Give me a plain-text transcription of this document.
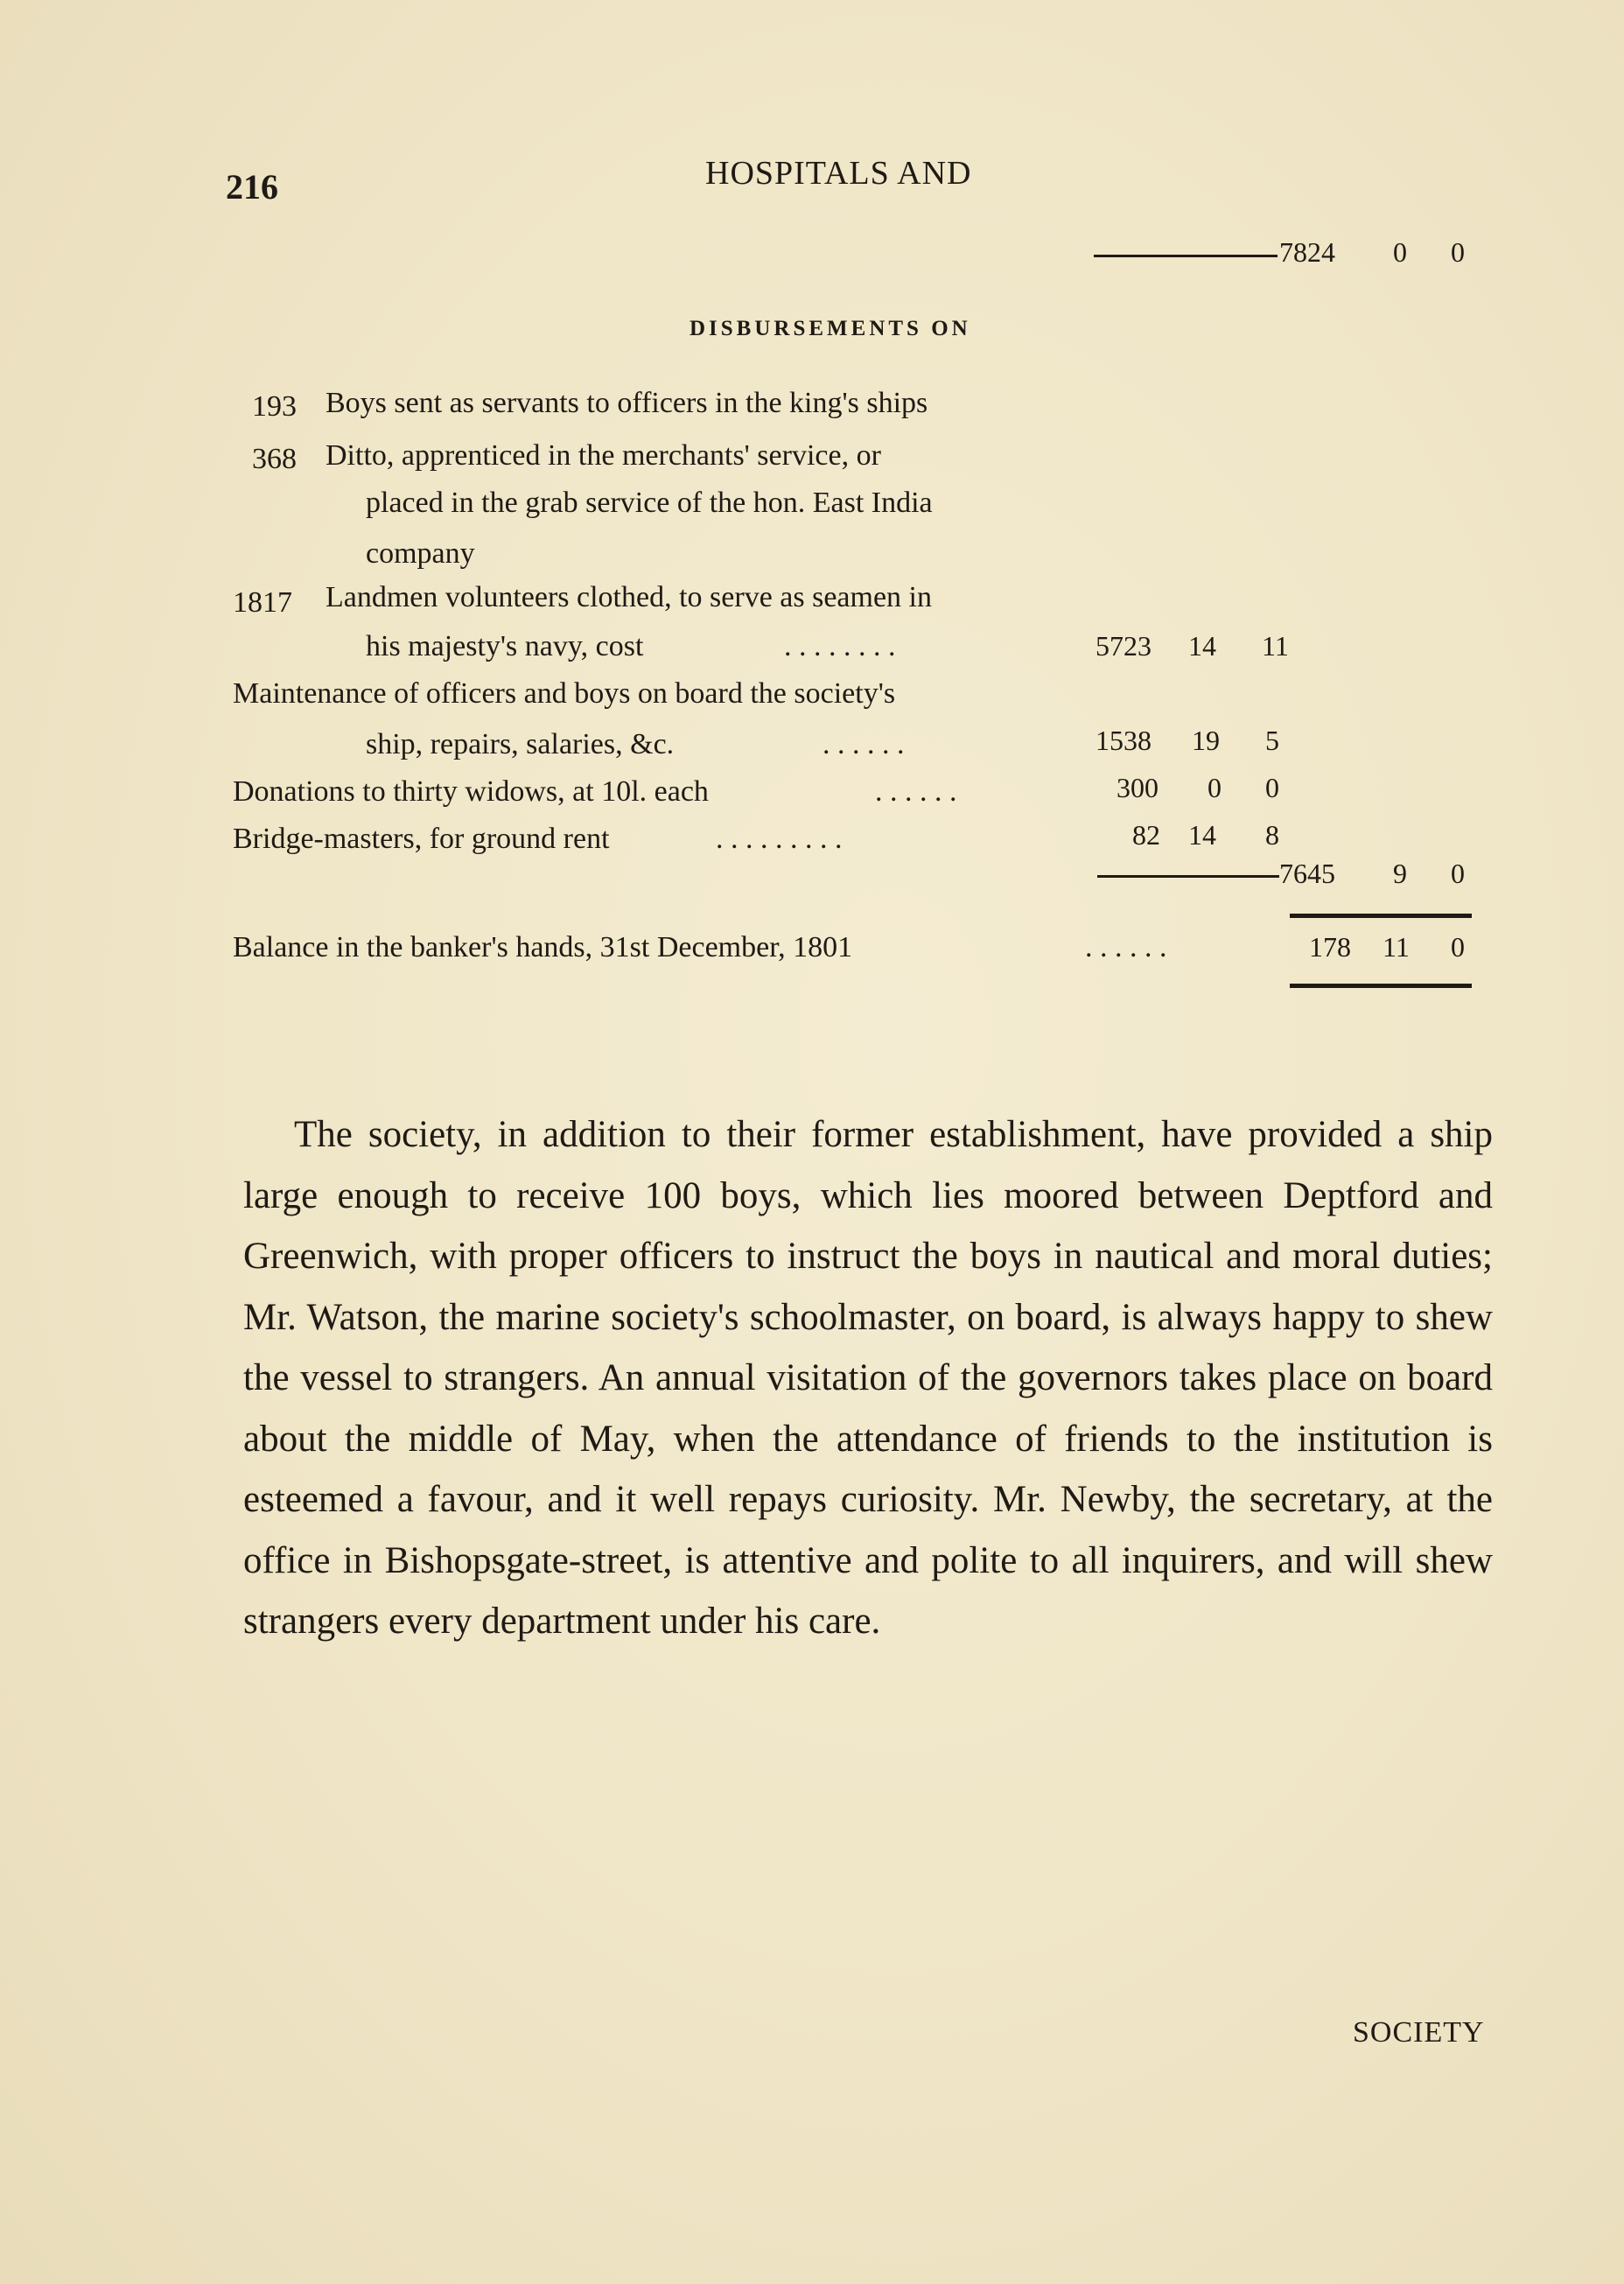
216	HOSPITALS AND
7824 0 0
DISBURSEMENTS ON
193 Boys sent as servants to officers in the king's ships
368 Ditto, apprenticed in the merchants' service, or
placed in the grab service of the hon. East India
company
1817 Landmen volunteers clothed, to serve as seamen in
his majesty's navy, cost	. . . . . . . .	5723 14 11
Maintenance of officers and boys on board the society's
ship, repairs, salaries, &c.	. . . . . .	1538 19 5
Donations to thirty widows, at 10l. each	. . . . . .	300 0 0
Bridge-masters, for ground rent	. . . . . . . . .	82 14 8
7645 9 0
Balance in the banker's hands, 31st December, 1801	. . . . . .	178 11 0

The society, in addition to their former establishment, have provided a ship large enough to receive 100 boys, which lies moored between Deptford and Greenwich, with proper officers to instruct the boys in nautical and moral duties; Mr. Watson, the marine society's schoolmaster, on board, is always happy to shew the vessel to strangers. An annual visitation of the governors takes place on board about the middle of May, when the attendance of friends to the institution is esteemed a favour, and it well repays curiosity. Mr. Newby, the secretary, at the office in Bishopsgate-street, is attentive and polite to all inquirers, and will shew strangers every department under his care.

SOCIETY
